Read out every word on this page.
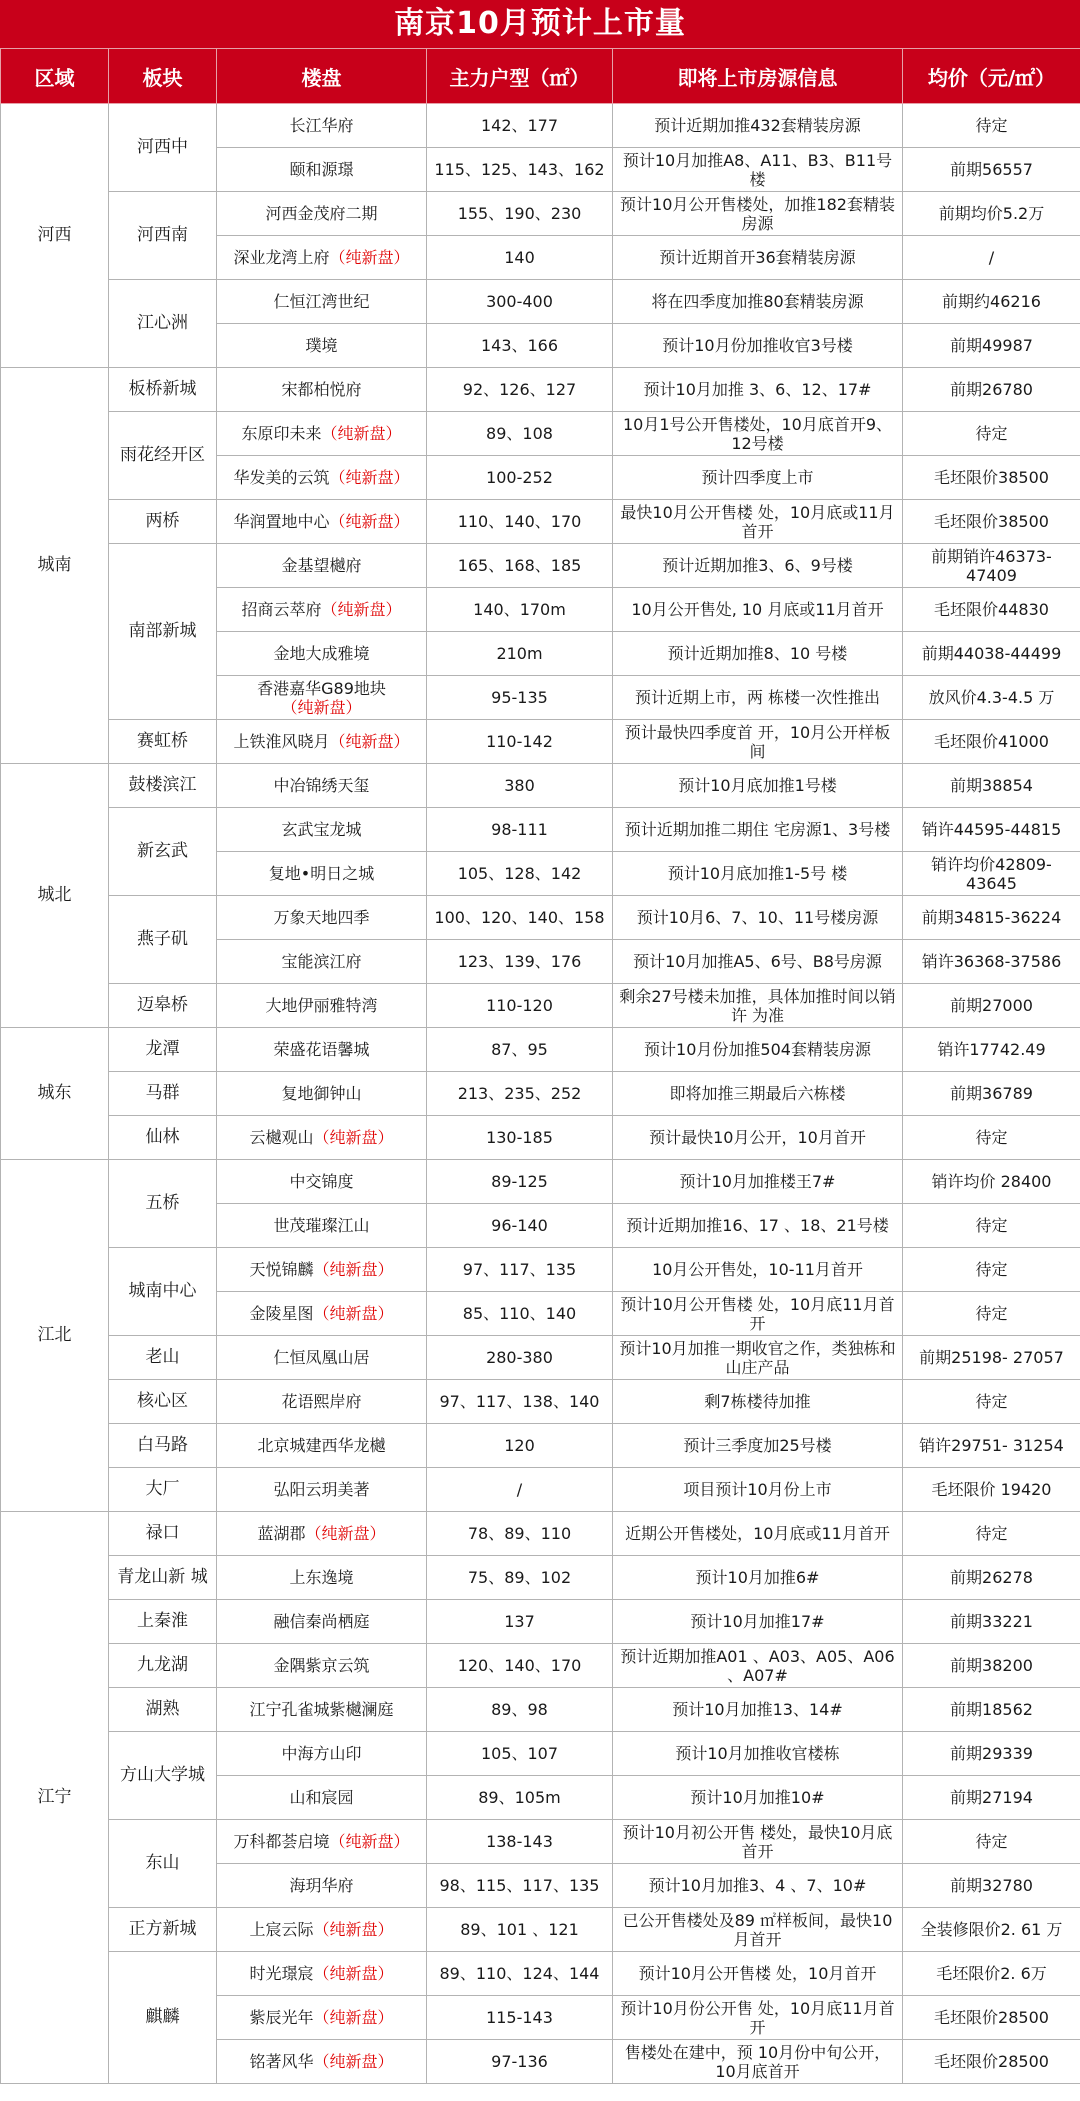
南京10月预计上市量
区域	板块	楼盘	主力户型（㎡）	即将上市房源信息	均价（元/㎡）
河西	河西中	长江华府	142、177	预计近期加推432套精装房源	待定
		颐和源璟	115、125、143、162	预计10月加推A8、A11、B3、B11号楼	前期56557
	河西南	河西金茂府二期	155、190、230	预计10月公开售楼处，加推182套精装房源	前期均价5.2万
		深业龙湾上府（纯新盘）	140	预计近期首开36套精装房源	/
	江心洲	仁恒江湾世纪	300-400	将在四季度加推80套精装房源	前期约46216
		璞境	143、166	预计10月份加推收官3号楼	前期49987
城南	板桥新城	宋都柏悦府	92、126、127	预计10月加推 3、6、12、17#	前期26780
	雨花经开区	东原印未来（纯新盘）	89、108	10月1号公开售楼处，10月底首开9、12号楼	待定
		华发美的云筑（纯新盘）	100-252	预计四季度上市	毛坯限价38500
	两桥	华润置地中心（纯新盘）	110、140、170	最快10月公开售楼 处，10月底或11月首开	毛坯限价38500
	南部新城	金基望樾府	165、168、185	预计近期加推3、6、9号楼	前期销许46373- 47409
		招商云萃府（纯新盘）	140、170m	10月公开售处, 10 月底或11月首开	毛坯限价44830
		金地大成雅境	210m	预计近期加推8、10 号楼	前期44038-44499
		香港嘉华G89地块（纯新盘）	95-135	预计近期上市，两 栋楼一次性推出	放风价4.3-4.5 万
	赛虹桥	上铁淮风晓月（纯新盘）	110-142	预计最快四季度首 开，10月公开样板 间	毛坯限价41000
城北	鼓楼滨江	中冶锦绣天玺	380	预计10月底加推1号楼	前期38854
	新玄武	玄武宝龙城	98-111	预计近期加推二期住 宅房源1、3号楼	销许44595-44815
		复地•明日之城	105、128、142	预计10月底加推1-5号 楼	销许均价42809-43645
	燕子矶	万象天地四季	100、120、140、158	预计10月6、7、10、11号楼房源	前期34815-36224
		宝能滨江府	123、139、176	预计10月加推A5、6号、B8号房源	销许36368-37586
	迈皋桥	大地伊丽雅特湾	110-120	剩余27号楼未加推，具体加推时间以销许 为准	前期27000
城东	龙潭	荣盛花语馨城	87、95	预计10月份加推504套精装房源	销许17742.49
	马群	复地御钟山	213、235、252	即将加推三期最后六栋楼	前期36789
	仙林	云樾观山（纯新盘）	130-185	预计最快10月公开，10月首开	待定
江北	五桥	中交锦度	89-125	预计10月加推楼王7#	销许均价 28400
		世茂璀璨江山	96-140	预计近期加推16、17 、18、21号楼	待定
	城南中心	天悦锦麟（纯新盘）	97、117、135	10月公开售处，10-11月首开	待定
		金陵星图（纯新盘）	85、110、140	预计10月公开售楼 处，10月底11月首开	待定
	老山	仁恒凤凰山居	280-380	预计10月加推一期收官之作，类独栋和山庄产品	前期25198- 27057
	核心区	花语熙岸府	97、117、138、140	剩7栋楼待加推	待定
	白马路	北京城建西华龙樾	120	预计三季度加25号楼	销许29751- 31254
	大厂	弘阳云玥美著	/	项目预计10月份上市	毛坯限价 19420
江宁	禄口	蓝湖郡（纯新盘）	78、89、110	近期公开售楼处，10月底或11月首开	待定
	青龙山新 城	上东逸境	75、89、102	预计10月加推6#	前期26278
	上秦淮	融信秦尚栖庭	137	预计10月加推17#	前期33221
	九龙湖	金隅紫京云筑	120、140、170	预计近期加推A01 、A03、A05、A06 、A07#	前期38200
	湖熟	江宁孔雀城紫樾澜庭	89、98	预计10月加推13、14#	前期18562
	方山大学城	中海方山印	105、107	预计10月加推收官楼栋	前期29339
		山和宸园	89、105m	预计10月加推10#	前期27194
	东山	万科都荟启境（纯新盘）	138-143	预计10月初公开售 楼处，最快10月底首开	待定
		海玥华府	98、115、117、135	预计10月加推3、4 、7、10#	前期32780
	正方新城	上宸云际（纯新盘）	89、101 、121	已公开售楼处及89 ㎡样板间，最快10月首开	全装修限价2. 61 万
	麒麟	时光璟宸（纯新盘）	89、110、124、144	预计10月公开售楼 处，10月首开	毛坯限价2. 6万
		紫辰光年（纯新盘）	115-143	预计10月份公开售 处，10月底11月首开	毛坯限价28500
		铭著风华（纯新盘）	97-136	售楼处在建中，预 10月份中旬公开，10月底首开	毛坯限价28500
